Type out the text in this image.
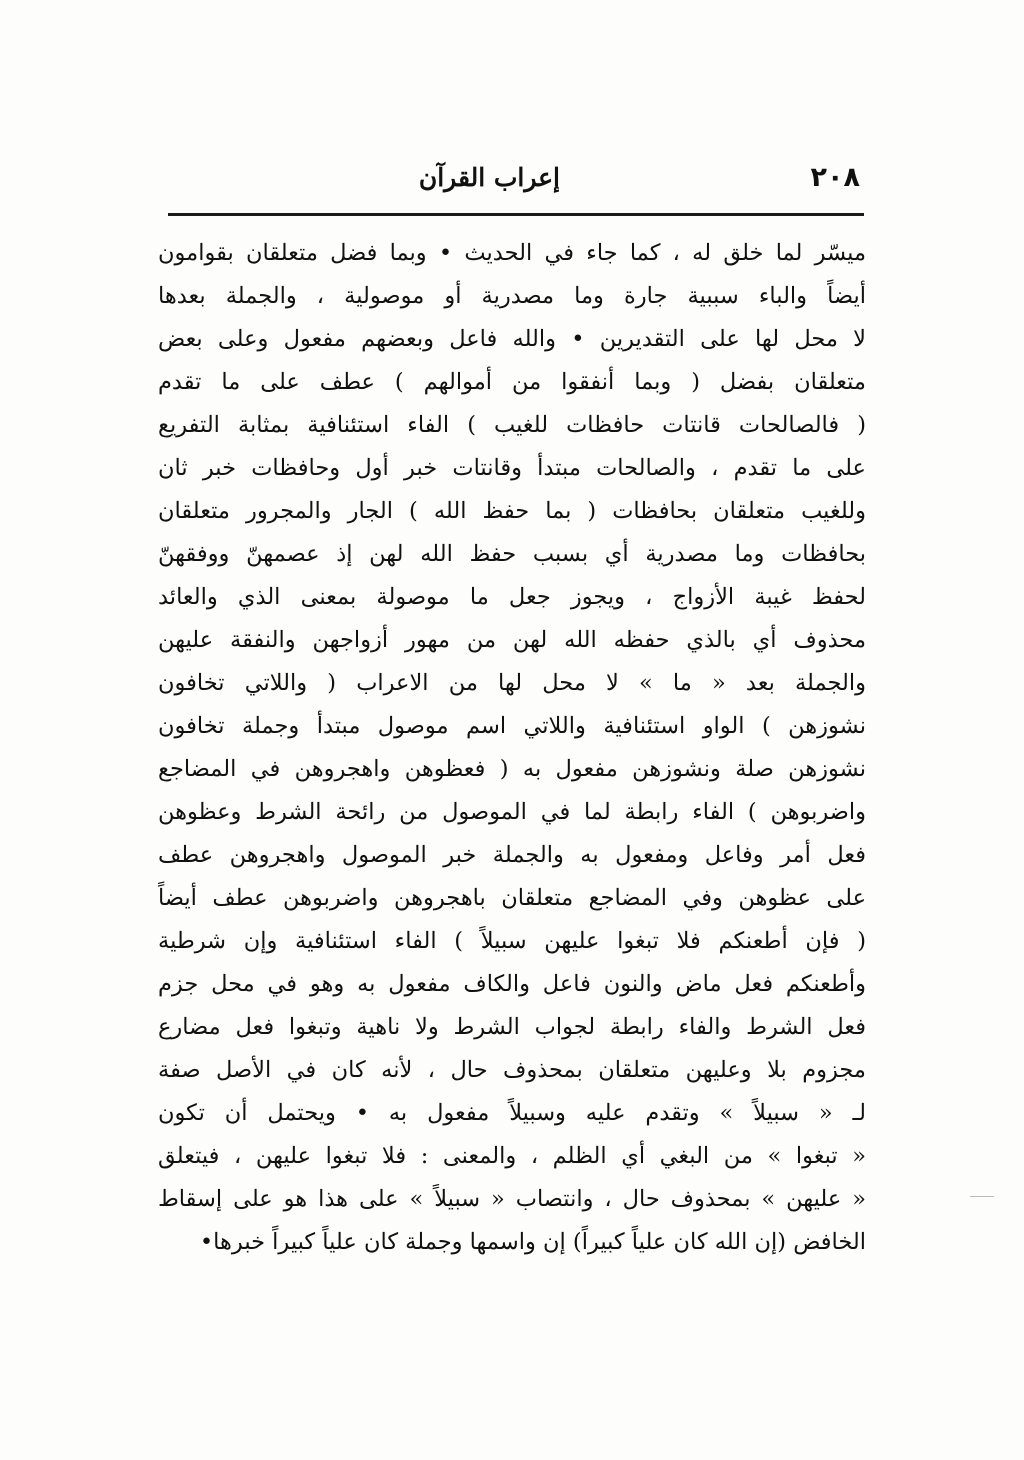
٢٠٨
إعراب القرآن
ميسّر لما خلق له ، كما جاء في الحديث • وبما فضل متعلقان بقوامون
أيضاً والباء سببية جارة وما مصدرية أو موصولية ، والجملة بعدها
لا محل لها على التقديرين • والله فاعل وبعضهم مفعول وعلى بعض
متعلقان بفضل ( وبما أنفقوا من أموالهم ) عطف على ما تقدم
( فالصالحات قانتات حافظات للغيب ) الفاء استئنافية بمثابة التفريع
على ما تقدم ، والصالحات مبتدأ وقانتات خبر أول وحافظات خبر ثان
وللغيب متعلقان بحافظات ( بما حفظ الله ) الجار والمجرور متعلقان
بحافظات وما مصدرية أي بسبب حفظ الله لهن إذ عصمهنّ ووفقهنّ
لحفظ غيبة الأزواج ، ويجوز جعل ما موصولة بمعنى الذي والعائد
محذوف أي بالذي حفظه الله لهن من مهور أزواجهن والنفقة عليهن
والجملة بعد « ما » لا محل لها من الاعراب ( واللاتي تخافون
نشوزهن ) الواو استئنافية واللاتي اسم موصول مبتدأ وجملة تخافون
نشوزهن صلة ونشوزهن مفعول به ( فعظوهن واهجروهن في المضاجع
واضربوهن ) الفاء رابطة لما في الموصول من رائحة الشرط وعظوهن
فعل أمر وفاعل ومفعول به والجملة خبر الموصول واهجروهن عطف
على عظوهن وفي المضاجع متعلقان باهجروهن واضربوهن عطف أيضاً
( فإن أطعنكم فلا تبغوا عليهن سبيلاً ) الفاء استئنافية وإن شرطية
وأطعنكم فعل ماض والنون فاعل والكاف مفعول به وهو في محل جزم
فعل الشرط والفاء رابطة لجواب الشرط ولا ناهية وتبغوا فعل مضارع
مجزوم بلا وعليهن متعلقان بمحذوف حال ، لأنه كان في الأصل صفة
لـ « سبيلاً » وتقدم عليه وسبيلاً مفعول به • ويحتمل أن تكون
« تبغوا » من البغي أي الظلم ، والمعنى : فلا تبغوا عليهن ، فيتعلق
« عليهن » بمحذوف حال ، وانتصاب « سبيلاً » على هذا هو على إسقاط
الخافض (إن الله كان علياً كبيراً) إن واسمها وجملة كان علياً كبيراً خبرها•
